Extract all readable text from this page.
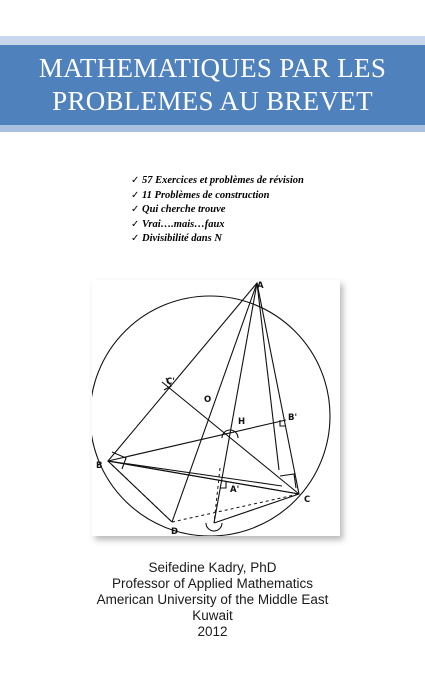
MATHEMATIQUES PAR LES
PROBLEMES AU BREVET
✓ 57 Exercices et problèmes de révision
✓ 11 Problèmes de construction
✓ Qui cherche trouve
✓ Vrai….mais…faux
✓ Divisibilité dans N
A
B
C
D
H
O
C'
B'
A'
Seifedine Kadry, PhD
Professor of Applied Mathematics
American University of the Middle East
Kuwait
2012
